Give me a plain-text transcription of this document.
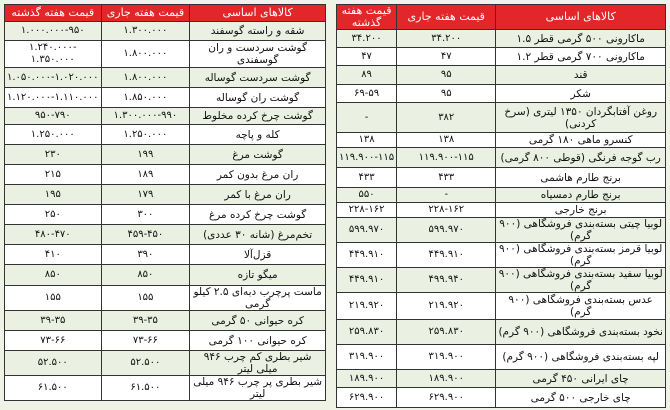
کالاهای اساسی	قیمت هفته جاری	قیمت هفته گذشته
ماکارونی ۵۰۰ گرمی قطر ۱.۵	۳۴.۲۰۰	۳۴.۲۰۰
ماکارونی ۷۰۰ گرمی قطر ۱.۲	۴۷	۴۷
قند	۹۵	۸۹
شکر	۹۵	۶۹-۵۹
روغن آفتابگردان ۱۳۵۰ لیتری (سرخ کردنی)	۳۸۲	-
کنسرو ماهی ۱۸۰ گرمی	۱۳۸	۱۳۸
رب گوجه فرنگی (قوطی ۸۰۰ گرمی)	۱۱۹.۹۰۰-۱۱۵	۱۱۹.۹۰۰-۱۱۵
برنج طارم هاشمی	۴۳۳	۴۳۳
برنج طارم دمسیاه	-	۵۵۰
برنج خارجی	۲۲۸-۱۶۲	۲۲۸-۱۶۲
لوبیا چیتی بسته‌بندی فروشگاهی (۹۰۰ گرم)	۵۹۹.۹۷۰	۵۹۹.۹۷۰
لوبیا قرمز بسته‌بندی فروشگاهی (۹۰۰ گرم)	۴۴۹.۹۱۰	۴۴۹.۹۱۰
لوبیا سفید بسته‌بندی فروشگاهی (۹۰۰ گرم)	۴۹۹.۹۴۰	۴۴۹.۹۱۰
عدس بسته‌بندی فروشگاهی (۹۰۰ گرم)	۲۱۹.۹۲۰	۲۱۹.۹۲۰
نخود بسته‌بندی فروشگاهی (۹۰۰ گرم)	۲۵۹.۸۳۰	۲۵۹.۸۳۰
لپه بسته‌بندی فروشگاهی (۹۰۰ گرم)	۳۱۹.۹۰۰	۳۱۹.۹۰۰
چای ایرانی ۴۵۰ گرمی	۱۸۹.۹۰۰	۱۸۹.۹۰۰
چای خارجی ۵۰۰ گرمی	۶۲۹.۹۰۰	۶۲۹.۹۰۰
کالاهای اساسی	قیمت هفته جاری	قیمت هفته گذشته
شقه و راسته گوسفند	۱.۳۰۰.۰۰۰	۱.۰۰۰.۰۰۰-۹۵۰
گوشت سردست و ران گوسفندی	۱.۸۰۰.۰۰۰	-۱.۲۴۰.۰۰۰ ۱.۳۵۰.۰۰۰
گوشت سردست گوساله	۱.۸۰۰.۰۰۰	۱.۰۵۰.۰۰۰-۱.۰۲۰.۰۰۰
گوشت ران گوساله	۱.۸۵۰.۰۰۰	۱.۱۲۰.۰۰۰-۱.۱۱۰.۰۰۰
گوشت چرخ کرده مخلوط	۱.۳۰۰.۰۰۰-۹۹۰	۹۵۰-۷۹۰
کله و پاچه	۱.۲۵۰.۰۰۰	۱.۲۵۰.۰۰۰
گوشت مرغ	۱۹۹	۲۳۰
ران مرغ بدون کمر	۱۸۹	۲۱۵
ران مرغ با کمر	۱۷۹	۱۹۵
گوشت چرخ کرده مرغ	۳۰۰	۲۵۰
تخم‌مرغ (شانه ۳۰ عددی)	۴۵۹-۴۵۰	۴۸۰-۴۷۰
قزل‌آلا	۳۹۰	۴۱۰
میگو تازه	۸۵۰	۸۵۰
ماست پرچرب دبه‌ای ۲.۵ کیلو گرمی	۱۵۵	۱۵۵
کره حیوانی ۵۰ گرمی	۳۹-۳۵	۳۹-۳۵
کره حیوانی ۱۰۰ گرمی	۷۳-۶۶	۷۳-۶۶
شیر بطری کم چرب ۹۴۶ میلی لیتر	۵۲.۵۰۰	۵۲.۵۰۰
شیر بطری پر چرب ۹۴۶ میلی لیتر	۶۱.۵۰۰	۶۱.۵۰۰
